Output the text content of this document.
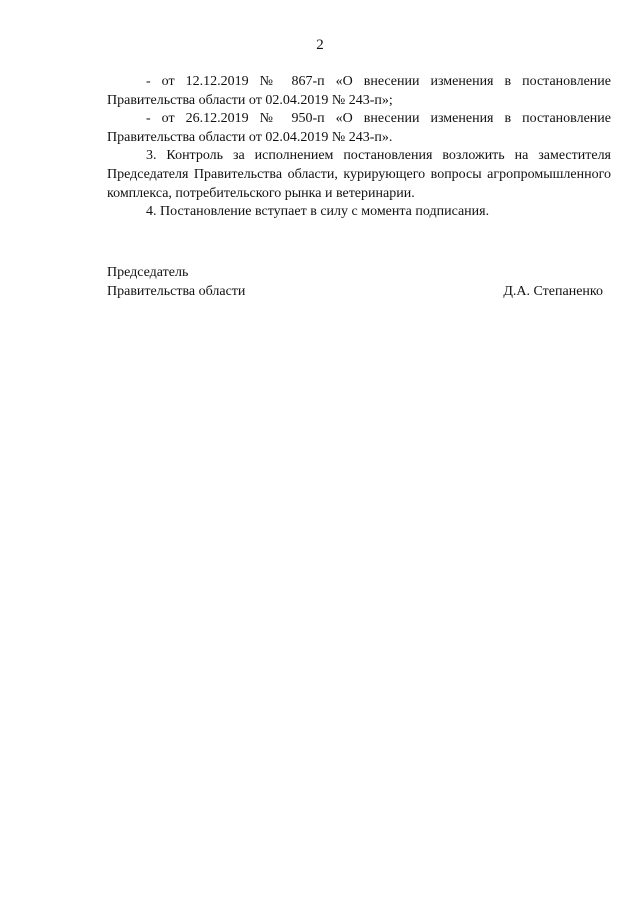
2

- от 12.12.2019 № 867-п «О внесении изменения в постановление Правительства области от 02.04.2019 № 243-п»;

- от 26.12.2019 № 950-п «О внесении изменения в постановление Правительства области от 02.04.2019 № 243-п».

3. Контроль за исполнением постановления возложить на заместителя Председателя Правительства области, курирующего вопросы агропромышленного комплекса, потребительского рынка и ветеринарии.

4. Постановление вступает в силу с момента подписания.

Председатель
Правительства области	Д.А. Степаненко
